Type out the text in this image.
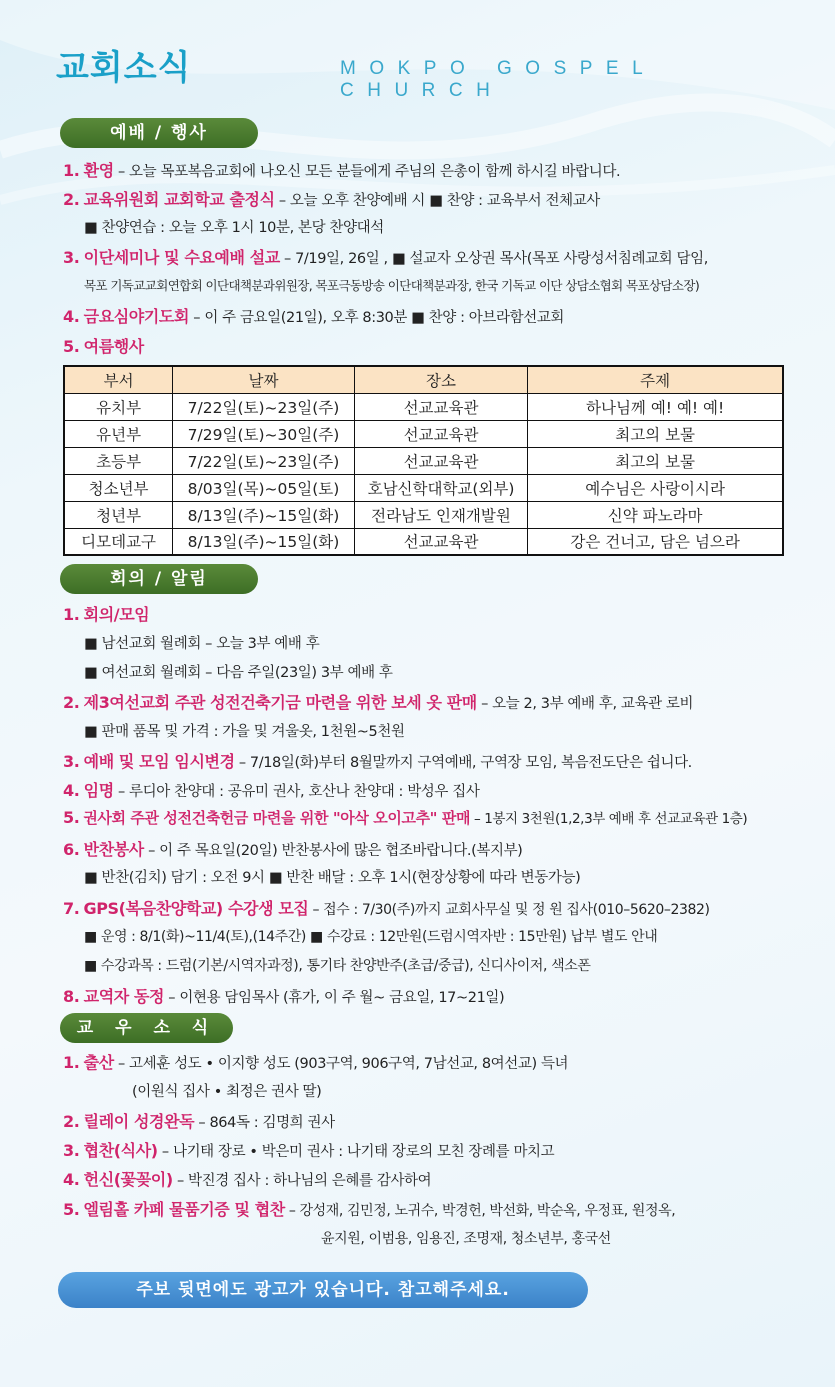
교회소식	MOKPO GOSPEL CHURCH
예배 / 행사
1. 환영 – 오늘 목포복음교회에 나오신 모든 분들에게 주님의 은총이 함께 하시길 바랍니다.
2. 교육위원회 교회학교 출정식 – 오늘 오후 찬양예배 시 ■ 찬양 : 교육부서 전체교사
■ 찬양연습 : 오늘 오후 1시 10분, 본당 찬양대석
3. 이단세미나 및 수요예배 설교 – 7/19일, 26일 , ■ 설교자 오상권 목사(목포 사랑성서침례교회 담임,
목포 기독교교회연합회 이단대책분과위원장, 목포극동방송 이단대책분과장, 한국 기독교 이단 상담소협회 목포상담소장)
4. 금요심야기도회 – 이 주 금요일(21일), 오후 8:30분 ■ 찬양 : 아브라함선교회
5. 여름행사
부서	날짜	장소	주제
유치부	7/22일(토)~23일(주)	선교교육관	하나님께 예! 예! 예!
유년부	7/29일(토)~30일(주)	선교교육관	최고의 보물
초등부	7/22일(토)~23일(주)	선교교육관	최고의 보물
청소년부	8/03일(목)~05일(토)	호남신학대학교(외부)	예수님은 사랑이시라
청년부	8/13일(주)~15일(화)	전라남도 인재개발원	신약 파노라마
디모데교구	8/13일(주)~15일(화)	선교교육관	강은 건너고, 담은 넘으라
회의 / 알림
1. 회의/모임
■ 남선교회 월례회 – 오늘 3부 예배 후
■ 여선교회 월례회 – 다음 주일(23일) 3부 예배 후
2. 제3여선교회 주관 성전건축기금 마련을 위한 보세 옷 판매 – 오늘 2, 3부 예배 후, 교육관 로비
■ 판매 품목 및 가격 : 가을 및 겨울옷, 1천원~5천원
3. 예배 및 모임 임시변경 – 7/18일(화)부터 8월말까지 구역예배, 구역장 모임, 복음전도단은 쉽니다.
4. 임명 – 루디아 찬양대 : 공유미 권사, 호산나 찬양대 : 박성우 집사
5. 권사회 주관 성전건축헌금 마련을 위한 "아삭 오이고추" 판매 – 1봉지 3천원(1,2,3부 예배 후 선교교육관 1층)
6. 반찬봉사 – 이 주 목요일(20일) 반찬봉사에 많은 협조바랍니다.(복지부)
■ 반찬(김치) 담기 : 오전 9시 ■ 반찬 배달 : 오후 1시(현장상황에 따라 변동가능)
7. GPS(복음찬양학교) 수강생 모집 – 접수 : 7/30(주)까지 교회사무실 및 정 원 집사(010–5620–2382)
■ 운영 : 8/1(화)~11/4(토),(14주간) ■ 수강료 : 12만원(드럼시역자반 : 15만원) 납부 별도 안내
■ 수강과목 : 드럼(기본/시역자과정), 통기타 찬양반주(초급/중급), 신디사이저, 색소폰
8. 교역자 동정 – 이현용 담임목사 (휴가, 이 주 월~ 금요일, 17~21일)
교 우 소 식
1. 출산 – 고세훈 성도 • 이지향 성도 (903구역, 906구역, 7남선교, 8여선교) 득녀
(이원식 집사 • 최정은 권사 딸)
2. 릴레이 성경완독 – 864독 : 김명희 권사
3. 협찬(식사) – 나기태 장로 • 박은미 권사 : 나기태 장로의 모친 장례를 마치고
4. 헌신(꽃꽂이) – 박진경 집사 : 하나님의 은혜를 감사하여
5. 엘림홀 카페 물품기증 및 협찬 – 강성재, 김민정, 노귀수, 박경헌, 박선화, 박순옥, 우정표, 원정옥,
윤지원, 이범용, 임용진, 조명재, 청소년부, 홍국선
주보 뒷면에도 광고가 있습니다. 참고해주세요.
